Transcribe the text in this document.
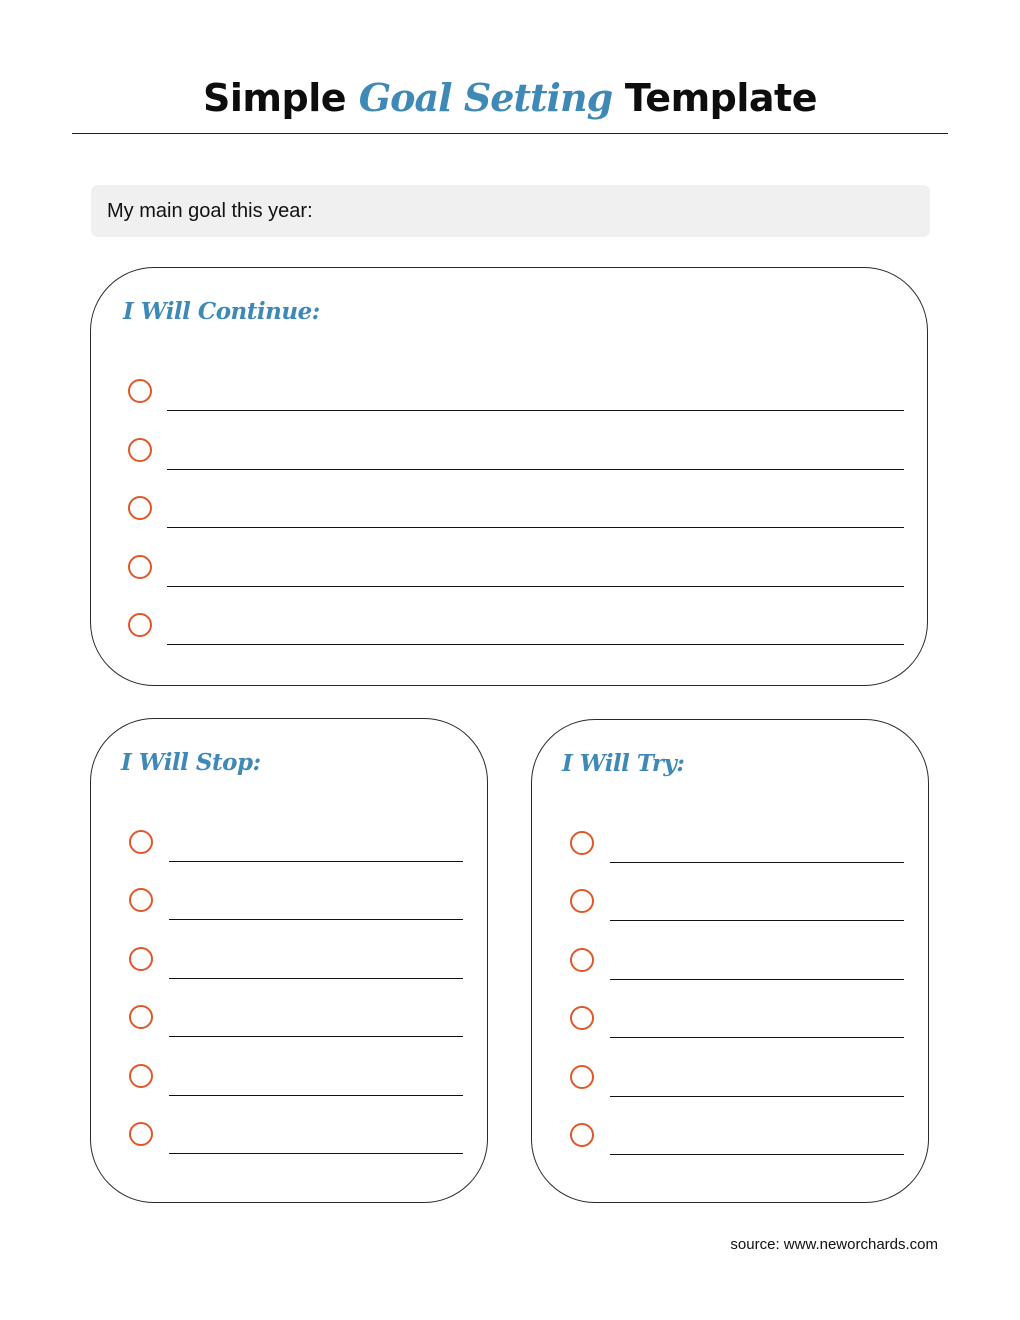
Simple Goal Setting Template
My main goal this year:
I Will Continue:
I Will Stop:	I Will Try:
source: www.neworchards.com
